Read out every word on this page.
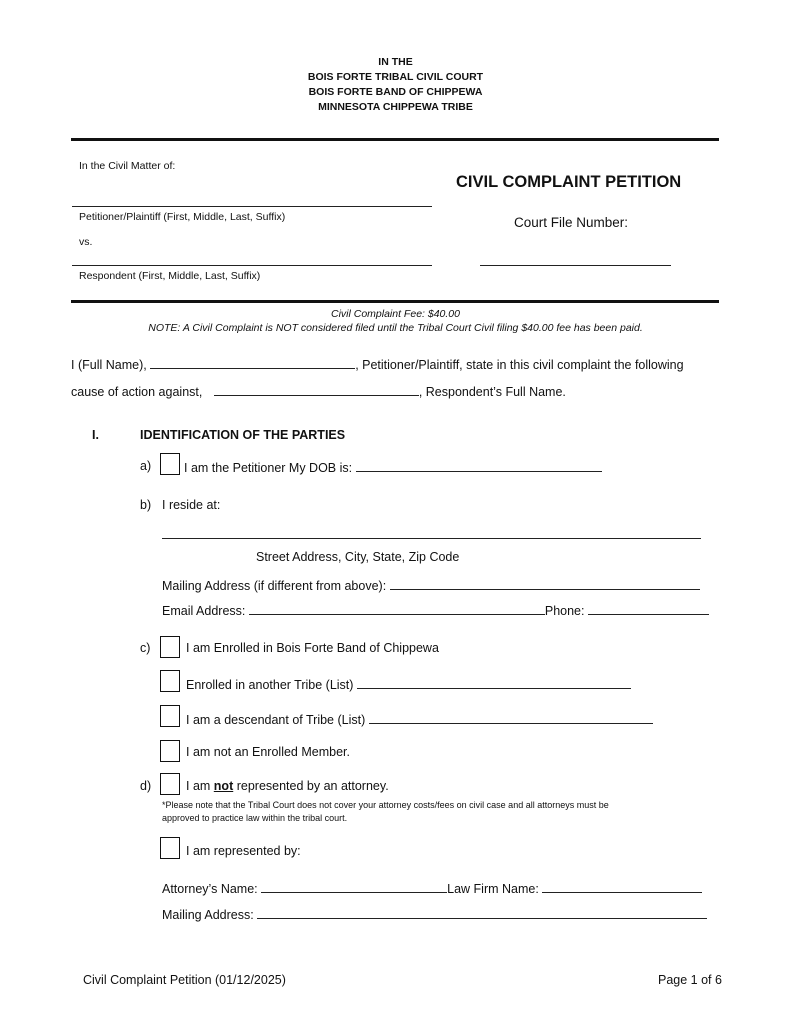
IN THE
BOIS FORTE TRIBAL CIVIL COURT
BOIS FORTE BAND OF CHIPPEWA
MINNESOTA CHIPPEWA TRIBE
In the Civil Matter of:
Petitioner/Plaintiff (First, Middle, Last, Suffix)
vs.
Respondent (First, Middle, Last, Suffix)
CIVIL COMPLAINT PETITION
Court File Number:
Civil Complaint Fee: $40.00
NOTE: A Civil Complaint is NOT considered filed until the Tribal Court Civil filing $40.00 fee has been paid.
I (Full Name),	, Petitioner/Plaintiff, state in this civil complaint the following
cause of action against,	, Respondent’s Full Name.
I.	IDENTIFICATION OF THE PARTIES
a)	I am the Petitioner My DOB is:
b) I reside at:
Street Address, City, State, Zip Code
Mailing Address (if different from above):
Email Address:	Phone:
c)	I am Enrolled in Bois Forte Band of Chippewa
Enrolled in another Tribe (List)
I am a descendant of Tribe (List)
I am not an Enrolled Member.
d)	I am not represented by an attorney.
*Please note that the Tribal Court does not cover your attorney costs/fees on civil case and all attorneys must be
approved to practice law within the tribal court.
I am represented by:
Attorney’s Name:	Law Firm Name:
Mailing Address:
Civil Complaint Petition (01/12/2025)	Page 1 of 6
